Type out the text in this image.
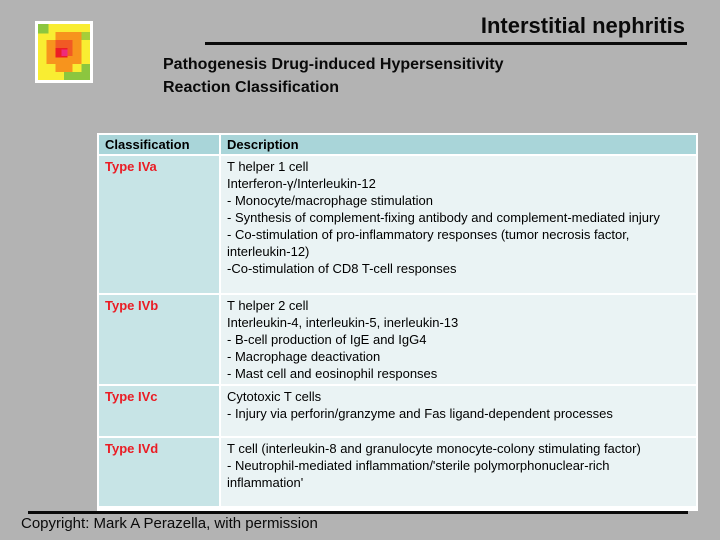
Interstitial nephritis
Pathogenesis Drug-induced Hypersensitivity
Reaction Classification
Classification	Description
Type IVa	T helper 1 cell
Interferon-γ/Interleukin-12
- Monocyte/macrophage stimulation
- Synthesis of complement-fixing antibody and complement-mediated injury
- Co-stimulation of pro-inflammatory responses (tumor necrosis factor, interleukin-12)
-Co-stimulation of CD8 T-cell responses
Type IVb	T helper 2 cell
Interleukin-4, interleukin-5, inerleukin-13
- B-cell production of IgE and IgG4
- Macrophage deactivation
- Mast cell and eosinophil responses
Type IVc	Cytotoxic T cells
- Injury via perforin/granzyme and Fas ligand-dependent processes
Type IVd	T cell (interleukin-8 and granulocyte monocyte-colony stimulating factor)
- Neutrophil-mediated inflammation/'sterile polymorphonuclear-rich inflammation'
Copyright: Mark A Perazella, with permission
